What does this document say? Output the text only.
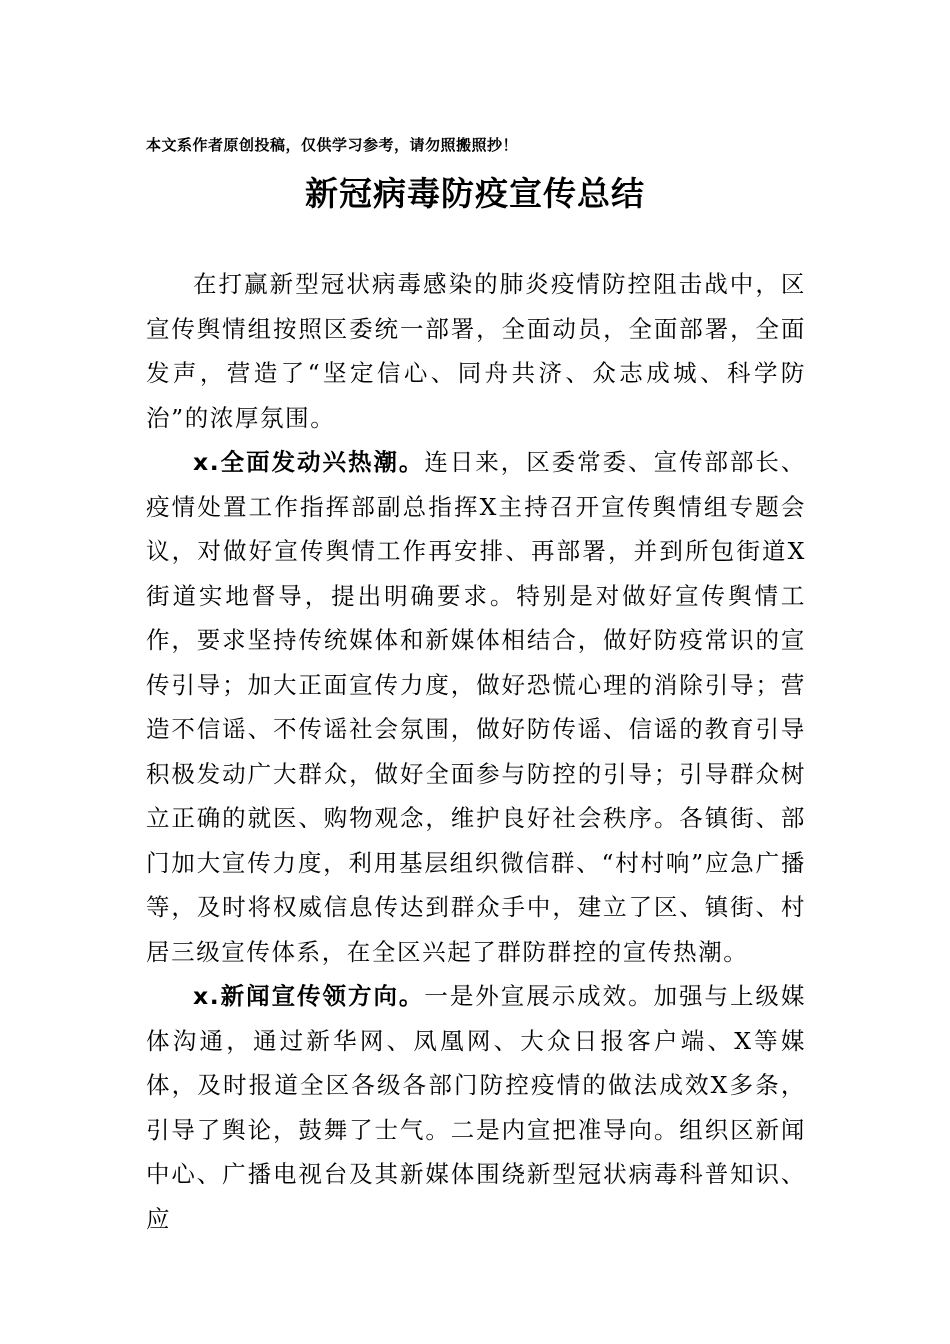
本文系作者原创投稿，仅供学习参考，请勿照搬照抄！
新冠病毒防疫宣传总结

在打赢新型冠状病毒感染的肺炎疫情防控阻击战中，区宣传舆情组按照区委统一部署，全面动员，全面部署，全面发声，营造了“坚定信心、同舟共济、众志成城、科学防治”的浓厚氛围。

x.全面发动兴热潮。连日来，区委常委、宣传部部长、疫情处置工作指挥部副总指挥X主持召开宣传舆情组专题会议，对做好宣传舆情工作再安排、再部署，并到所包街道X街道实地督导，提出明确要求。特别是对做好宣传舆情工作，要求坚持传统媒体和新媒体相结合，做好防疫常识的宣传引导；加大正面宣传力度，做好恐慌心理的消除引导；营造不信谣、不传谣社会氛围，做好防传谣、信谣的教育引导积极发动广大群众，做好全面参与防控的引导；引导群众树立正确的就医、购物观念，维护良好社会秩序。各镇街、部门加大宣传力度，利用基层组织微信群、“村村响”应急广播等，及时将权威信息传达到群众手中，建立了区、镇街、村居三级宣传体系，在全区兴起了群防群控的宣传热潮。

x.新闻宣传领方向。一是外宣展示成效。加强与上级媒体沟通，通过新华网、凤凰网、大众日报客户端、X等媒体，及时报道全区各级各部门防控疫情的做法成效X多条，引导了舆论，鼓舞了士气。二是内宣把准导向。组织区新闻中心、广播电视台及其新媒体围绕新型冠状病毒科普知识、应
